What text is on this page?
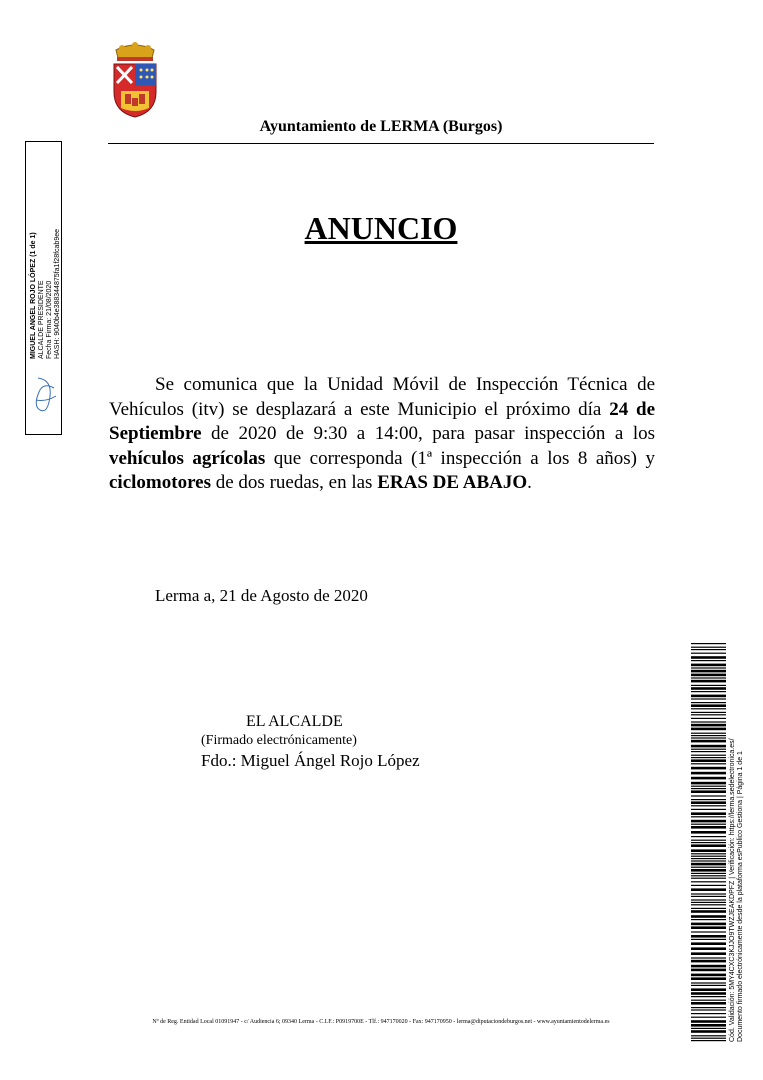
Ayuntamiento de LERMA (Burgos)
MIGUEL ANGEL ROJO LÓPEZ (1 de 1) ALCALDE PRESIDENTE Fecha Firma: 21/08/2020 HASH: 9040b4e388344875fa1f28fcab9ee
ANUNCIO
Se comunica que la Unidad Móvil de Inspección Técnica de Vehículos (itv) se desplazará a este Municipio el próximo día 24 de Septiembre de 2020 de 9:30 a 14:00, para pasar inspección a los vehículos agrícolas que corresponda (1ª inspección a los 8 años) y ciclomotores de dos ruedas, en las ERAS DE ABAJO.
Lerma a, 21 de Agosto de 2020
EL ALCALDE
(Firmado electrónicamente)
Fdo.: Miguel Ángel Rojo López
Nº de Reg. Entidad Local 01091947 - c/ Audiencia 6; 09340 Lerma - C.I.F.: P0919700E - Tlf.: 947170020 - Fax: 947170950 - lerma@diputaciondeburgos.net - www.ayuntamientodelerma.es	Cód. Validación: 5MY4CXC3KJJO9TWZJEAKDPFZ | Verificación: https://lerma.sedelectronica.es/ Documento firmado electrónicamente desde la plataforma esPublico Gestiona | Página 1 de 1
